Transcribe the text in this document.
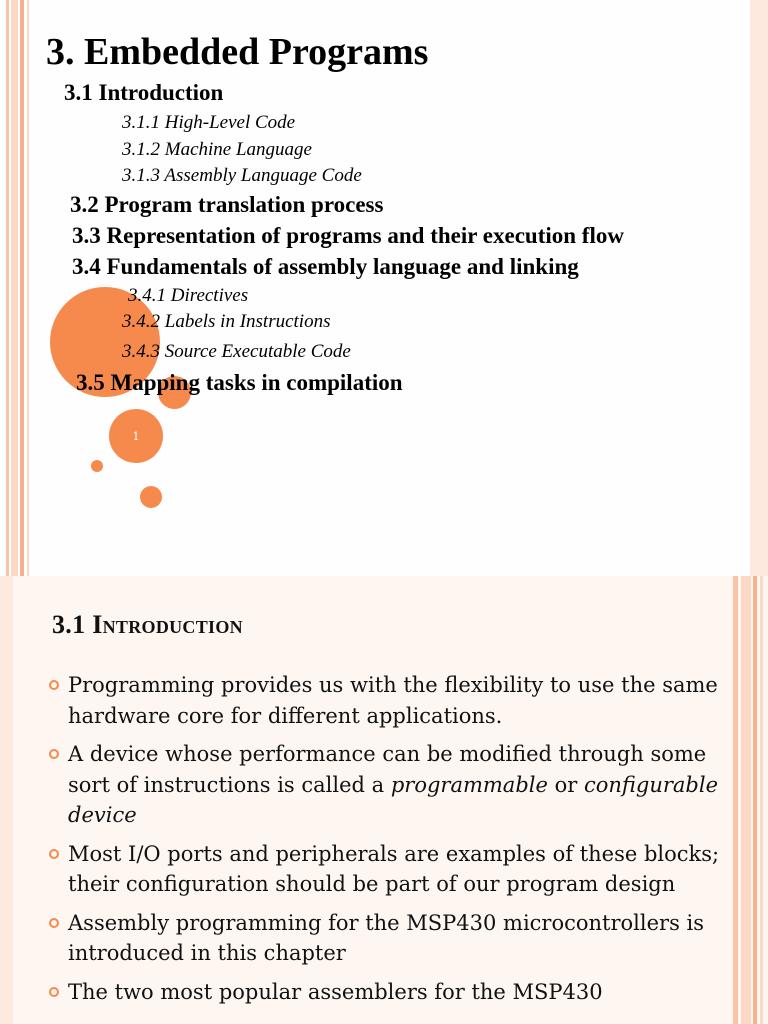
1
3. Embedded Programs

3.1 Introduction

3.1.1 High-Level Code

3.1.2 Machine Language

3.1.3 Assembly Language Code

3.2 Program translation process

3.3 Representation of programs and their execution flow

3.4 Fundamentals of assembly language and linking

3.4.1 Directives

3.4.2 Labels in Instructions

3.4.3 Source Executable Code

3.5 Mapping tasks in compilation

3.1 Introduction
Programming provides us with the flexibility to use the same hardware core for different applications.
A device whose performance can be modified through some sort of instructions is called a programmable or configurable device
Most I/O ports and peripherals are examples of these blocks; their configuration should be part of our program design
Assembly programming for the MSP430 microcontrollers is introduced in this chapter
The two most popular assemblers for the MSP430
